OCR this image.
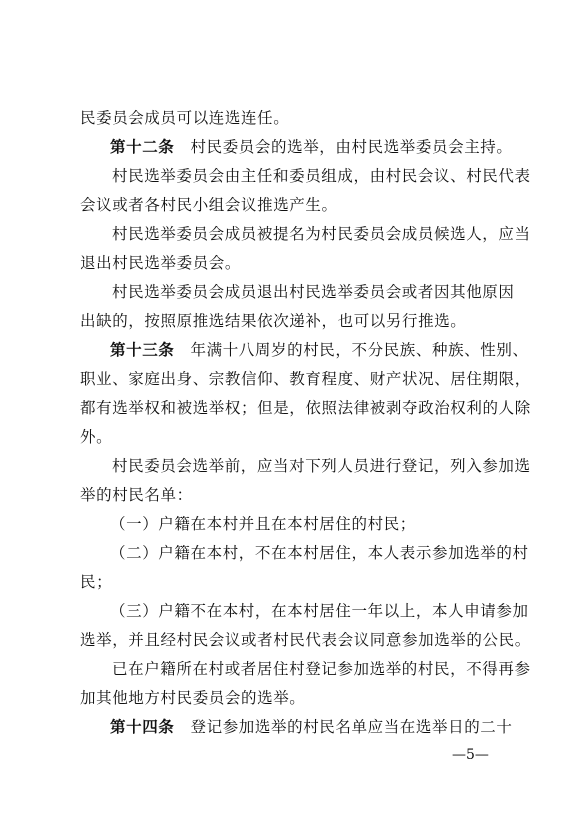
民委员会成员可以连选连任。
第十二条　村民委员会的选举，由村民选举委员会主持。
村民选举委员会由主任和委员组成，由村民会议、村民代表
会议或者各村民小组会议推选产生。
村民选举委员会成员被提名为村民委员会成员候选人，应当
退出村民选举委员会。
村民选举委员会成员退出村民选举委员会或者因其他原因
出缺的，按照原推选结果依次递补，也可以另行推选。
第十三条　年满十八周岁的村民，不分民族、种族、性别、
职业、家庭出身、宗教信仰、教育程度、财产状况、居住期限，
都有选举权和被选举权；但是，依照法律被剥夺政治权利的人除
外。
村民委员会选举前，应当对下列人员进行登记，列入参加选
举的村民名单：
（一）户籍在本村并且在本村居住的村民；
（二）户籍在本村，不在本村居住，本人表示参加选举的村
民；
（三）户籍不在本村，在本村居住一年以上，本人申请参加
选举，并且经村民会议或者村民代表会议同意参加选举的公民。
已在户籍所在村或者居住村登记参加选举的村民，不得再参
加其他地方村民委员会的选举。
第十四条　登记参加选举的村民名单应当在选举日的二十
—5—
